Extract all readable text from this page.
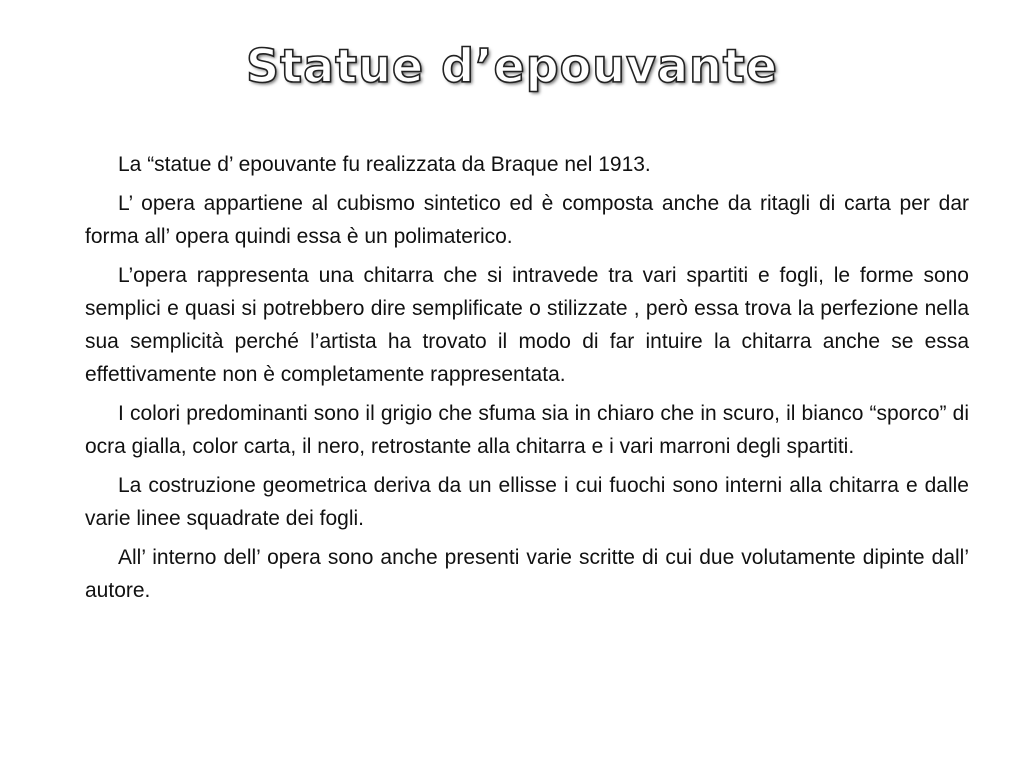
Statue d’epouvante

La “statue d’ epouvante fu realizzata da Braque nel 1913.

L’ opera appartiene al cubismo sintetico ed è composta anche da ritagli di carta per dar forma all’ opera quindi essa è un polimaterico.

L’opera rappresenta una chitarra che si intravede tra vari spartiti e fogli, le forme sono semplici e quasi si potrebbero dire semplificate o stilizzate , però essa trova la perfezione nella sua semplicità perché l’artista ha trovato il modo di far intuire la chitarra anche se essa effettivamente non è completamente rappresentata.

I colori predominanti sono il grigio che sfuma sia in chiaro che in scuro, il bianco “sporco” di ocra gialla, color carta, il nero, retrostante alla chitarra e i vari marroni degli spartiti.

La costruzione geometrica deriva da un ellisse i cui fuochi sono interni alla chitarra e dalle varie linee squadrate dei fogli.

All’ interno dell’ opera sono anche presenti varie scritte di cui due volutamente dipinte dall’ autore.
